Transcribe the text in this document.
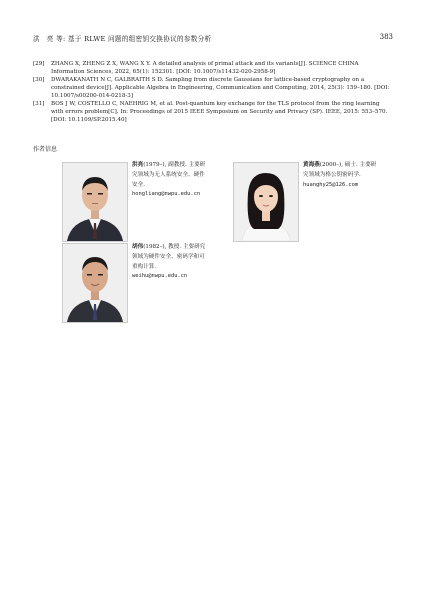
洪　亮 等: 基于 RLWE 问题的组密钥交换协议的参数分析	383
[29] ZHANG X, ZHENG Z X, WANG X Y. A detailed analysis of primal attack and its variants[J]. SCIENCE CHINA Information Sciences, 2022, 65(1): 152301. [DOI: 10.1007/s11432-020-2958-9]
[30] DWARAKANATH N C, GALBRAITH S D. Sampling from discrete Gaussians for lattice-based cryptography on a constrained device[J]. Applicable Algebra in Engineering, Communication and Computing, 2014, 25(3): 159–180. [DOI: 10.1007/s00200-014-0218-3]
[31] BOS J W, COSTELLO C, NAEHRIG M, et al. Post-quantum key exchange for the TLS protocol from the ring learning with errors problem[C]. In: Proceedings of 2015 IEEE Symposium on Security and Privacy (SP). IEEE, 2015: 553–570. [DOI: 10.1109/SP.2015.40]
作者信息
洪亮(1979–), 副教授. 主要研
究领域为无人系统安全、硬件
安全.
hongliang@nwpu.edu.cn
黄海燕(2000–), 硕士. 主要研
究领域为格公钥密码学.
huanghy25@126.com
胡伟(1982–), 教授. 主要研究
领域为硬件安全、密码学和可
重构计算.
weihu@nwpu.edu.cn
